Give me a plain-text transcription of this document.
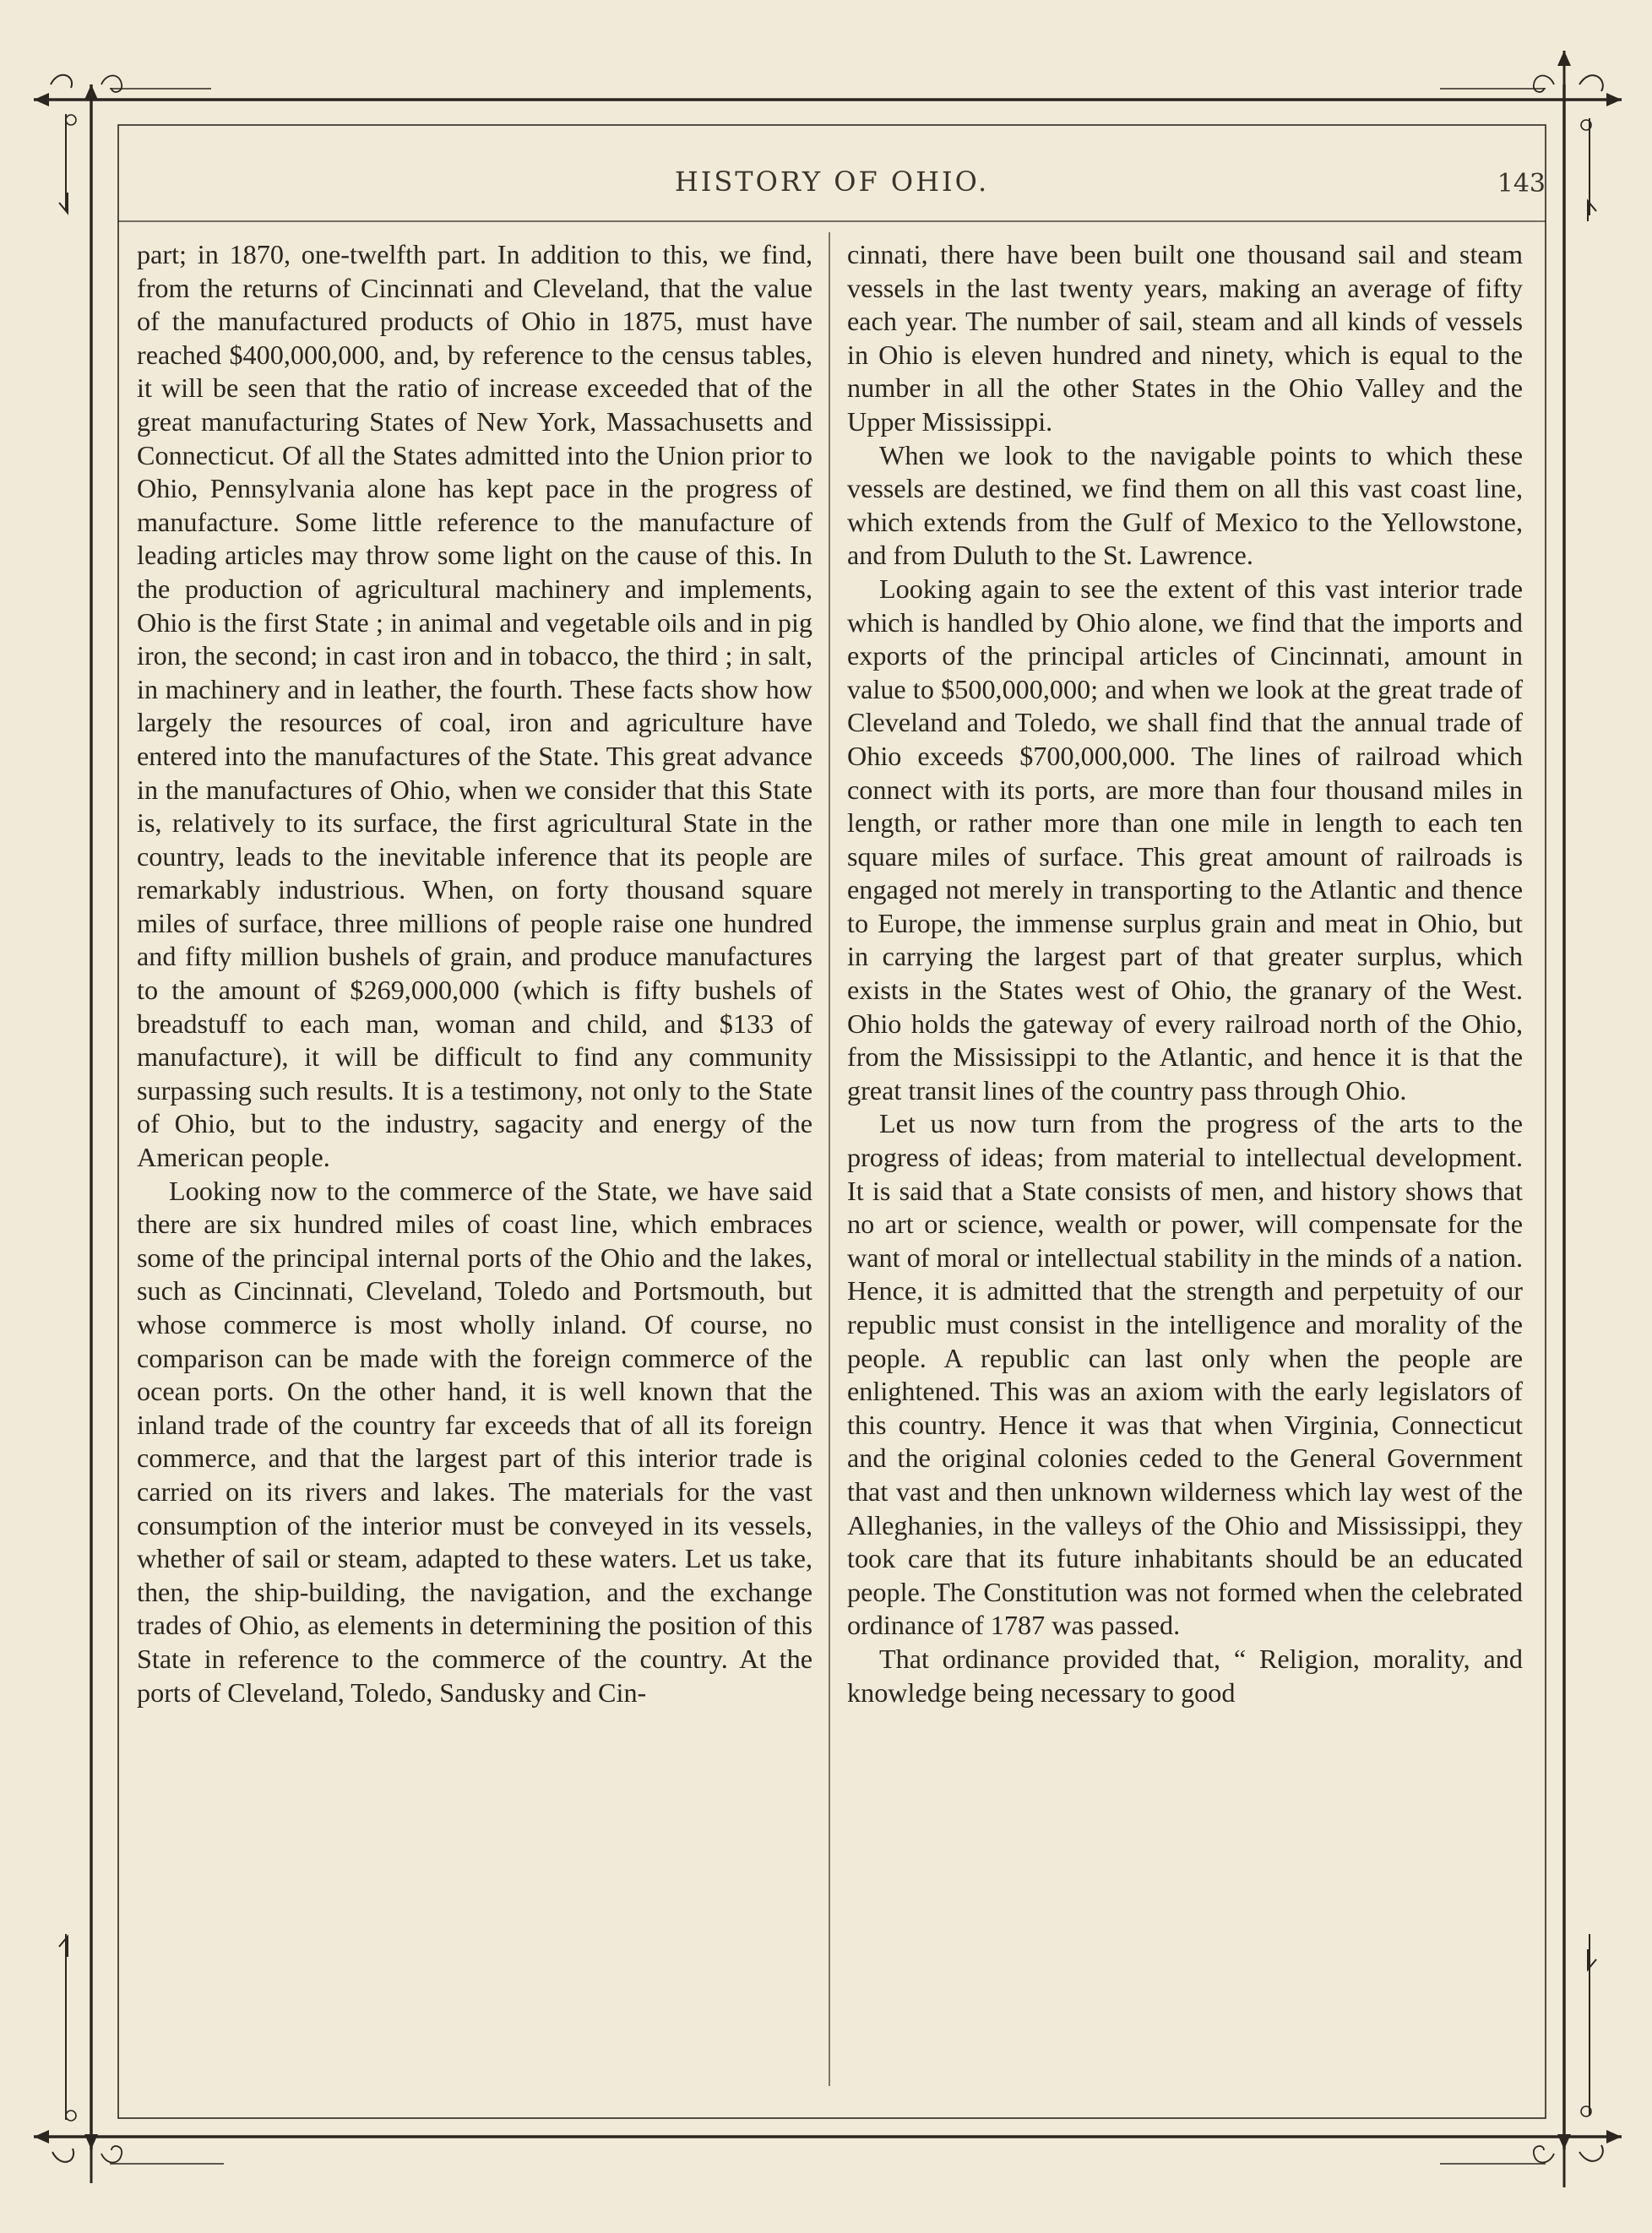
HISTORY OF OHIO.	143

part; in 1870, one-twelfth part. In addition to this, we find, from the returns of Cincinnati and Cleveland, that the value of the manufactured products of Ohio in 1875, must have reached $400,000,000, and, by reference to the census tables, it will be seen that the ratio of increase exceeded that of the great manufacturing States of New York, Massachusetts and Connecticut. Of all the States admitted into the Union prior to Ohio, Pennsylvania alone has kept pace in the progress of manufacture. Some little reference to the manufacture of leading articles may throw some light on the cause of this. In the production of agricultural machinery and implements, Ohio is the first State ; in animal and vegetable oils and in pig iron, the second; in cast iron and in tobacco, the third ; in salt, in machinery and in leather, the fourth. These facts show how largely the resources of coal, iron and agriculture have entered into the manufactures of the State. This great advance in the manufactures of Ohio, when we consider that this State is, relatively to its surface, the first agricultural State in the country, leads to the inevitable inference that its people are remarkably industrious. When, on forty thousand square miles of surface, three millions of people raise one hundred and fifty million bushels of grain, and produce manufactures to the amount of $269,000,000 (which is fifty bushels of breadstuff to each man, woman and child, and $133 of manufacture), it will be difficult to find any community surpassing such results. It is a testimony, not only to the State of Ohio, but to the industry, sagacity and energy of the American people.

Looking now to the commerce of the State, we have said there are six hundred miles of coast line, which embraces some of the principal internal ports of the Ohio and the lakes, such as Cincinnati, Cleveland, Toledo and Portsmouth, but whose commerce is most wholly inland. Of course, no comparison can be made with the foreign commerce of the ocean ports. On the other hand, it is well known that the inland trade of the country far exceeds that of all its foreign commerce, and that the largest part of this interior trade is carried on its rivers and lakes. The materials for the vast consumption of the interior must be conveyed in its vessels, whether of sail or steam, adapted to these waters. Let us take, then, the ship-building, the navigation, and the exchange trades of Ohio, as elements in determining the position of this State in reference to the commerce of the country. At the ports of Cleveland, Toledo, Sandusky and Cin-

cinnati, there have been built one thousand sail and steam vessels in the last twenty years, making an average of fifty each year. The number of sail, steam and all kinds of vessels in Ohio is eleven hundred and ninety, which is equal to the number in all the other States in the Ohio Valley and the Upper Mississippi.

When we look to the navigable points to which these vessels are destined, we find them on all this vast coast line, which extends from the Gulf of Mexico to the Yellowstone, and from Duluth to the St. Lawrence.

Looking again to see the extent of this vast interior trade which is handled by Ohio alone, we find that the imports and exports of the principal articles of Cincinnati, amount in value to $500,000,000; and when we look at the great trade of Cleveland and Toledo, we shall find that the annual trade of Ohio exceeds $700,000,000. The lines of railroad which connect with its ports, are more than four thousand miles in length, or rather more than one mile in length to each ten square miles of surface. This great amount of railroads is engaged not merely in transporting to the Atlantic and thence to Europe, the immense surplus grain and meat in Ohio, but in carrying the largest part of that greater surplus, which exists in the States west of Ohio, the granary of the West. Ohio holds the gateway of every railroad north of the Ohio, from the Mississippi to the Atlantic, and hence it is that the great transit lines of the country pass through Ohio.

Let us now turn from the progress of the arts to the progress of ideas; from material to intellectual development. It is said that a State consists of men, and history shows that no art or science, wealth or power, will compensate for the want of moral or intellectual stability in the minds of a nation. Hence, it is admitted that the strength and perpetuity of our republic must consist in the intelligence and morality of the people. A republic can last only when the people are enlightened. This was an axiom with the early legislators of this country. Hence it was that when Virginia, Connecticut and the original colonies ceded to the General Government that vast and then unknown wilderness which lay west of the Alleghanies, in the valleys of the Ohio and Mississippi, they took care that its future inhabitants should be an educated people. The Constitution was not formed when the celebrated ordinance of 1787 was passed.

That ordinance provided that, “ Religion, morality, and knowledge being necessary to good
